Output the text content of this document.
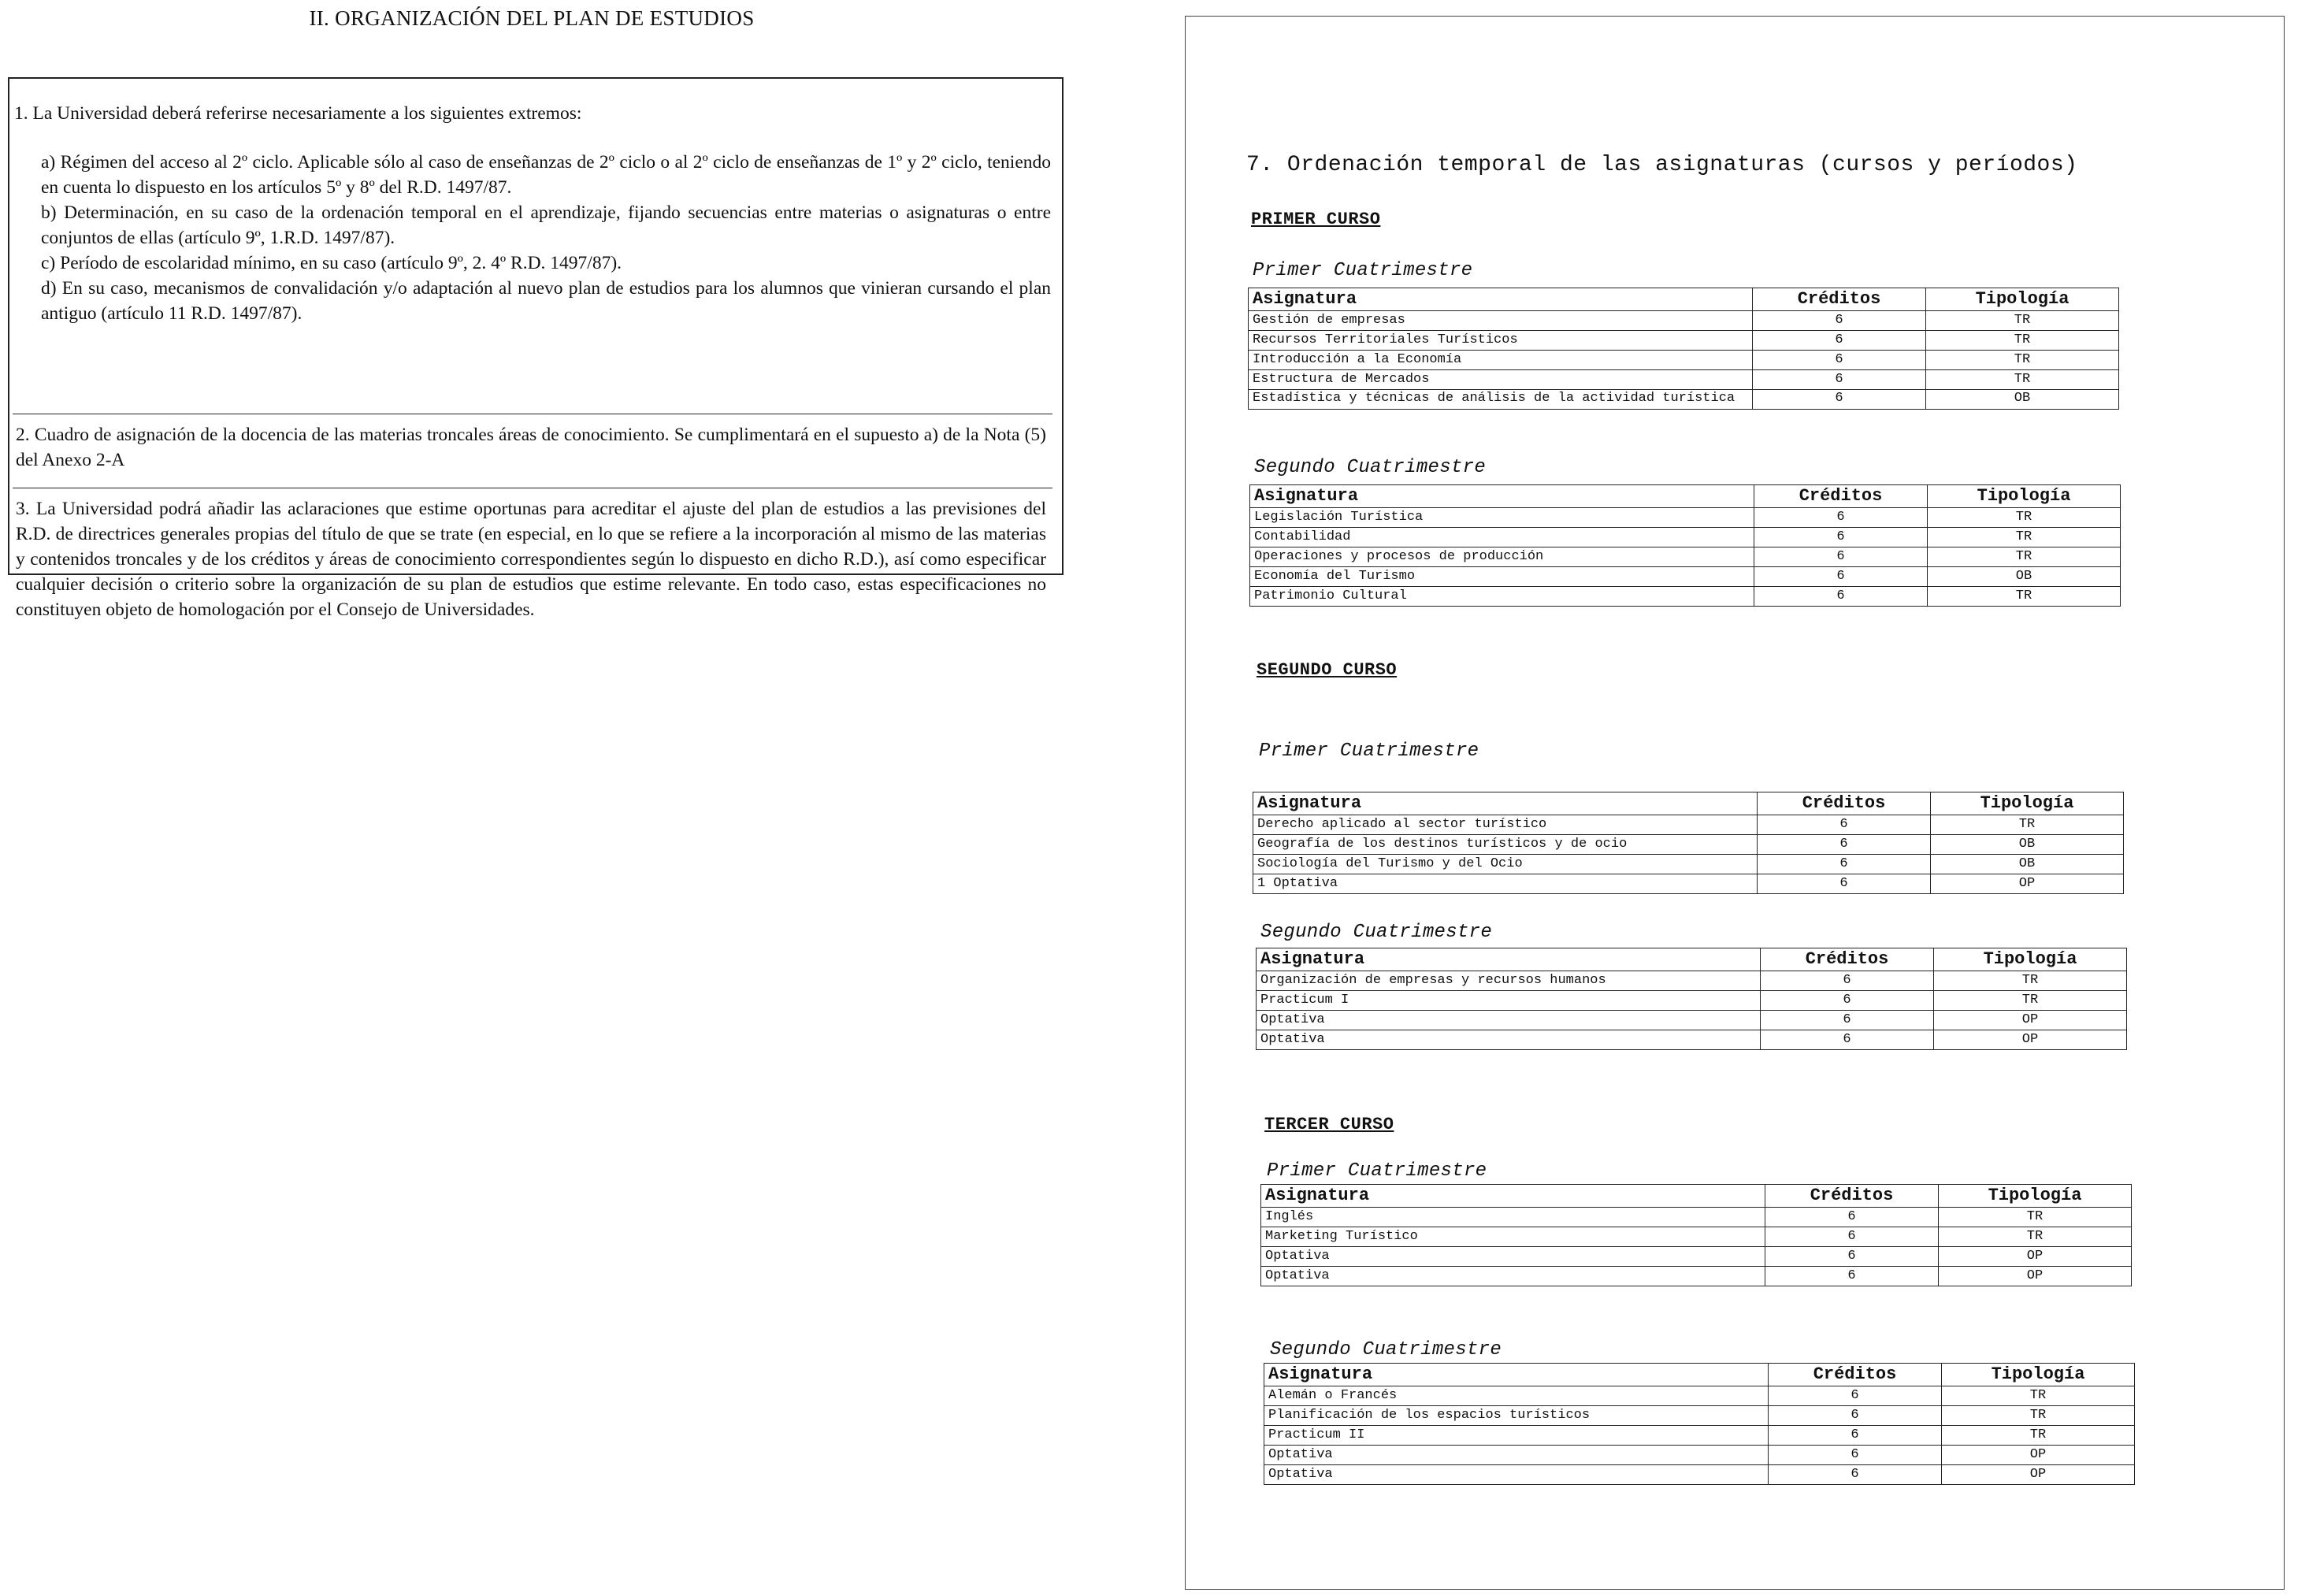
II. ORGANIZACIÓN DEL PLAN DE ESTUDIOS

1. La Universidad deberá referirse necesariamente a los siguientes extremos:

a) Régimen del acceso al 2º ciclo. Aplicable sólo al caso de enseñanzas de 2º ciclo o al 2º ciclo de enseñanzas de 1º y 2º ciclo, teniendo en cuenta lo dispuesto en los artículos 5º y 8º del R.D. 1497/87.

b) Determinación, en su caso de la ordenación temporal en el aprendizaje, fijando secuencias entre materias o asignaturas o entre conjuntos de ellas (artículo 9º, 1.R.D. 1497/87).

c) Período de escolaridad mínimo, en su caso (artículo 9º, 2. 4º R.D. 1497/87).

d) En su caso, mecanismos de convalidación y/o adaptación al nuevo plan de estudios para los alumnos que vinieran cursando el plan antiguo (artículo 11 R.D. 1497/87).

2. Cuadro de asignación de la docencia de las materias troncales áreas de conocimiento. Se cumplimentará en el supuesto a) de la Nota (5) del Anexo 2-A

3. La Universidad podrá añadir las aclaraciones que estime oportunas para acreditar el ajuste del plan de estudios a las previsiones del R.D. de directrices generales propias del título de que se trate (en especial, en lo que se refiere a la incorporación al mismo de las materias y contenidos troncales y de los créditos y áreas de conocimiento correspondientes según lo dispuesto en dicho R.D.), así como especificar cualquier decisión o criterio sobre la organización de su plan de estudios que estime relevante. En todo caso, estas especificaciones no constituyen objeto de homologación por el Consejo de Universidades.

7. Ordenación temporal de las asignaturas (cursos y períodos)
PRIMER CURSO
Primer Cuatrimestre
Asignatura	Créditos	Tipología
Gestión de empresas	6	TR
Recursos Territoriales Turísticos	6	TR
Introducción a la Economía	6	TR
Estructura de Mercados	6	TR
Estadística y técnicas de análisis de la actividad turística	6	OB
Segundo Cuatrimestre
Asignatura	Créditos	Tipología
Legislación Turística	6	TR
Contabilidad	6	TR
Operaciones y procesos de producción	6	TR
Economía del Turismo	6	OB
Patrimonio Cultural	6	TR
SEGUNDO CURSO
Primer Cuatrimestre
Asignatura	Créditos	Tipología
Derecho aplicado al sector turístico	6	TR
Geografía de los destinos turísticos y de ocio	6	OB
Sociología del Turismo y del Ocio	6	OB
1 Optativa	6	OP
Segundo Cuatrimestre
Asignatura	Créditos	Tipología
Organización de empresas y recursos humanos	6	TR
Practicum I	6	TR
Optativa	6	OP
Optativa	6	OP
TERCER CURSO
Primer Cuatrimestre
Asignatura	Créditos	Tipología
Inglés	6	TR
Marketing Turístico	6	TR
Optativa	6	OP
Optativa	6	OP
Segundo Cuatrimestre
Asignatura	Créditos	Tipología
Alemán o Francés	6	TR
Planificación de los espacios turísticos	6	TR
Practicum II	6	TR
Optativa	6	OP
Optativa	6	OP
